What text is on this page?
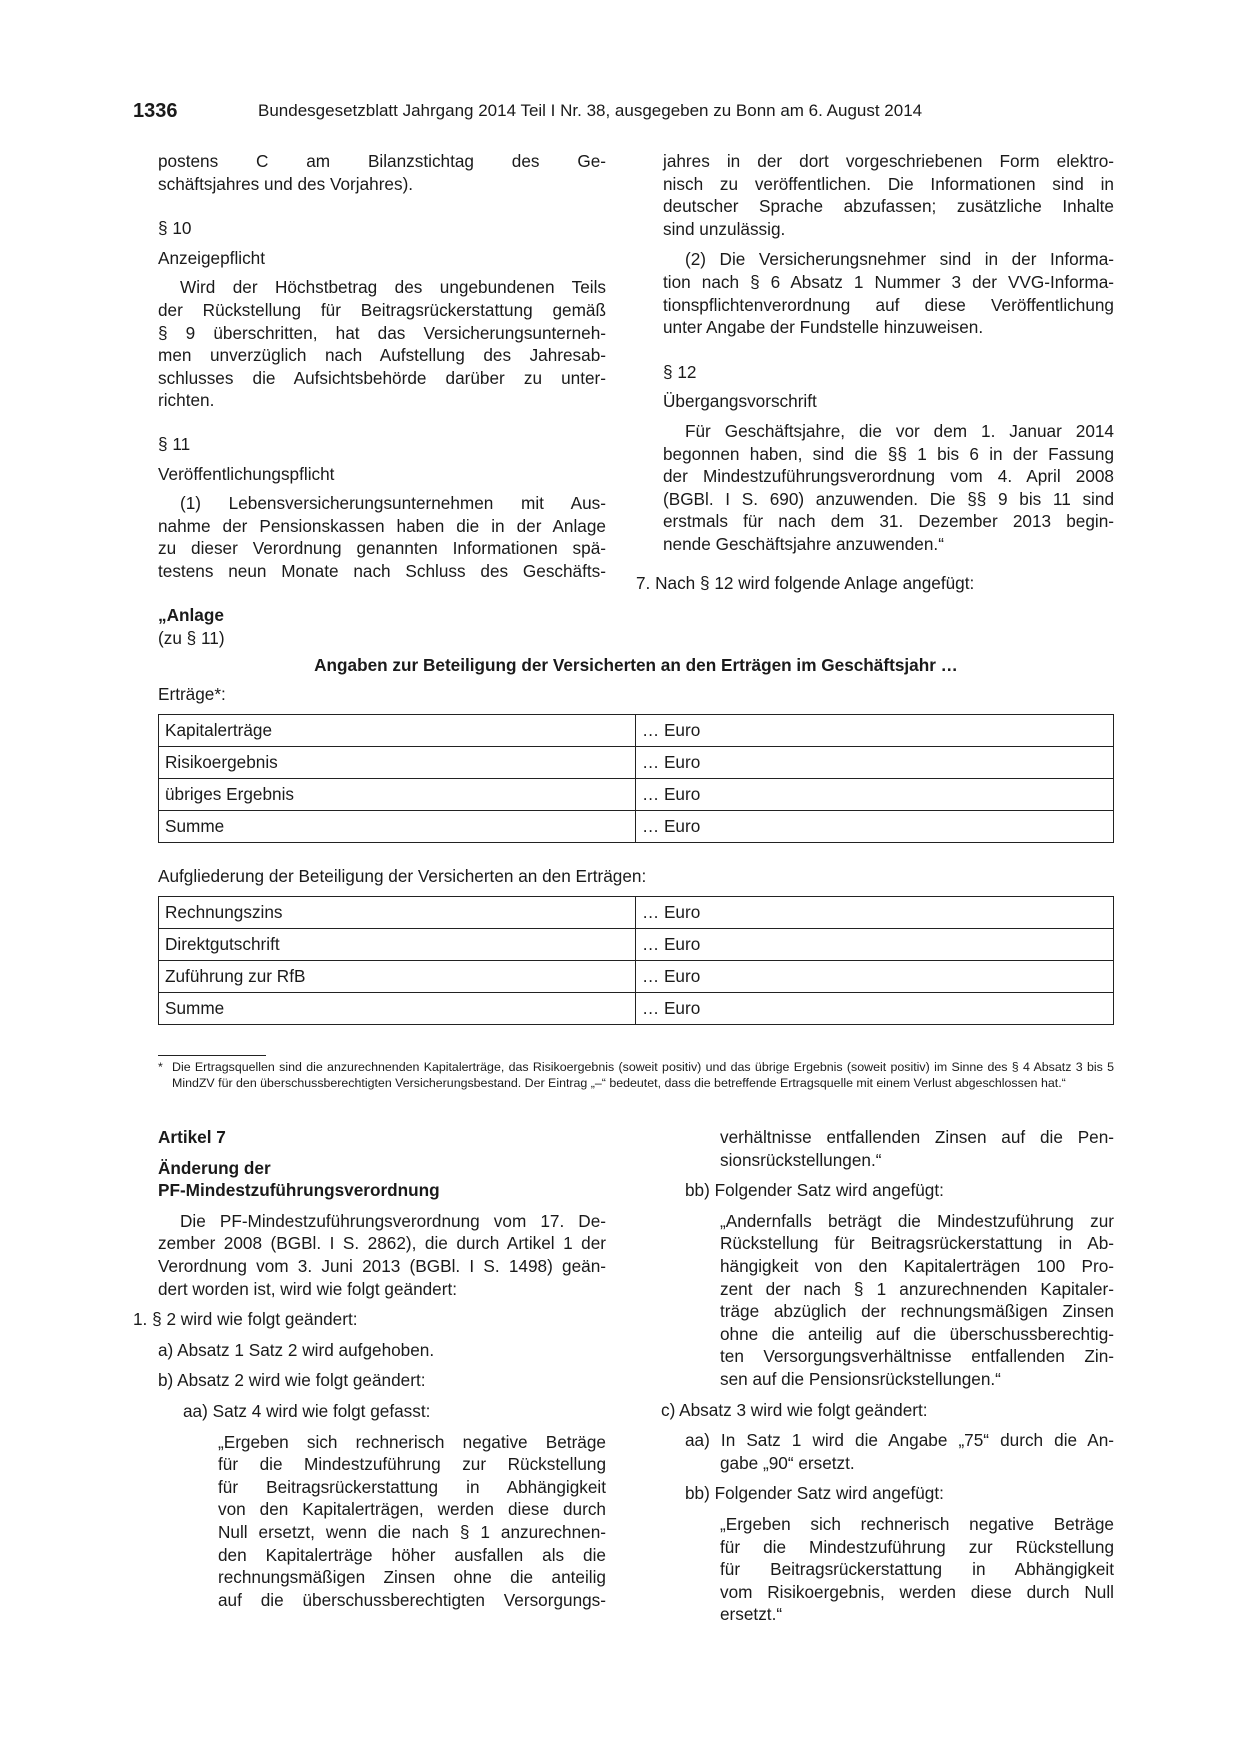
1336	Bundesgesetzblatt Jahrgang 2014 Teil I Nr. 38, ausgegeben zu Bonn am 6. August 2014

postens C am Bilanzstichtag des Ge-

schäftsjahres und des Vorjahres).

§ 10

Anzeigepflicht

Wird der Höchstbetrag des ungebundenen Teils

der Rückstellung für Beitragsrückerstattung gemäß

§ 9 überschritten, hat das Versicherungsunterneh-

men unverzüglich nach Aufstellung des Jahresab-

schlusses die Aufsichtsbehörde darüber zu unter-

richten.

§ 11

Veröffentlichungspflicht

(1) Lebensversicherungsunternehmen mit Aus-

nahme der Pensionskassen haben die in der Anlage

zu dieser Verordnung genannten Informationen spä-

testens neun Monate nach Schluss des Geschäfts-

jahres in der dort vorgeschriebenen Form elektro-

nisch zu veröffentlichen. Die Informationen sind in

deutscher Sprache abzufassen; zusätzliche Inhalte

sind unzulässig.

(2) Die Versicherungsnehmer sind in der Informa-

tion nach § 6 Absatz 1 Nummer 3 der VVG-Informa-

tionspflichtenverordnung auf diese Veröffentlichung

unter Angabe der Fundstelle hinzuweisen.

§ 12

Übergangsvorschrift

Für Geschäftsjahre, die vor dem 1. Januar 2014

begonnen haben, sind die §§ 1 bis 6 in der Fassung

der Mindestzuführungsverordnung vom 4. April 2008

(BGBl. I S. 690) anzuwenden. Die §§ 9 bis 11 sind

erstmals für nach dem 31. Dezember 2013 begin-

nende Geschäftsjahre anzuwenden.“

7. Nach § 12 wird folgende Anlage angefügt:
„Anlage
(zu § 11)
Angaben zur Beteiligung der Versicherten an den Erträgen im Geschäftsjahr …
Erträge*:
Kapitalerträge	… Euro
Risikoergebnis	… Euro
übriges Ergebnis	… Euro
Summe	… Euro
Aufgliederung der Beteiligung der Versicherten an den Erträgen:
Rechnungszins	… Euro
Direktgutschrift	… Euro
Zuführung zur RfB	… Euro
Summe	… Euro
* Die Ertragsquellen sind die anzurechnenden Kapitalerträge, das Risikoergebnis (soweit positiv) und das übrige Ergebnis (soweit positiv) im Sinne des § 4 Absatz 3 bis 5 MindZV für den überschussberechtigten Versicherungsbestand. Der Eintrag „–“ bedeutet, dass die betreffende Ertragsquelle mit einem Verlust abgeschlossen hat.“

Artikel 7

Änderung der

PF-Mindestzuführungsverordnung

Die PF-Mindestzuführungsverordnung vom 17. De-

zember 2008 (BGBl. I S. 2862), die durch Artikel 1 der

Verordnung vom 3. Juni 2013 (BGBl. I S. 1498) geän-

dert worden ist, wird wie folgt geändert:

1. § 2 wird wie folgt geändert:

a) Absatz 1 Satz 2 wird aufgehoben.

b) Absatz 2 wird wie folgt geändert:

aa) Satz 4 wird wie folgt gefasst:

„Ergeben sich rechnerisch negative Beträge

für die Mindestzuführung zur Rückstellung

für Beitragsrückerstattung in Abhängigkeit

von den Kapitalerträgen, werden diese durch

Null ersetzt, wenn die nach § 1 anzurechnen-

den Kapitalerträge höher ausfallen als die

rechnungsmäßigen Zinsen ohne die anteilig

auf die überschussberechtigten Versorgungs-

verhältnisse entfallenden Zinsen auf die Pen-

sionsrückstellungen.“

bb) Folgender Satz wird angefügt:

„Andernfalls beträgt die Mindestzuführung zur

Rückstellung für Beitragsrückerstattung in Ab-

hängigkeit von den Kapitalerträgen 100 Pro-

zent der nach § 1 anzurechnenden Kapitaler-

träge abzüglich der rechnungsmäßigen Zinsen

ohne die anteilig auf die überschussberechtig-

ten Versorgungsverhältnisse entfallenden Zin-

sen auf die Pensionsrückstellungen.“

c) Absatz 3 wird wie folgt geändert:

aa) In Satz 1 wird die Angabe „75“ durch die An-

gabe „90“ ersetzt.

bb) Folgender Satz wird angefügt:

„Ergeben sich rechnerisch negative Beträge

für die Mindestzuführung zur Rückstellung

für Beitragsrückerstattung in Abhängigkeit

vom Risikoergebnis, werden diese durch Null

ersetzt.“
